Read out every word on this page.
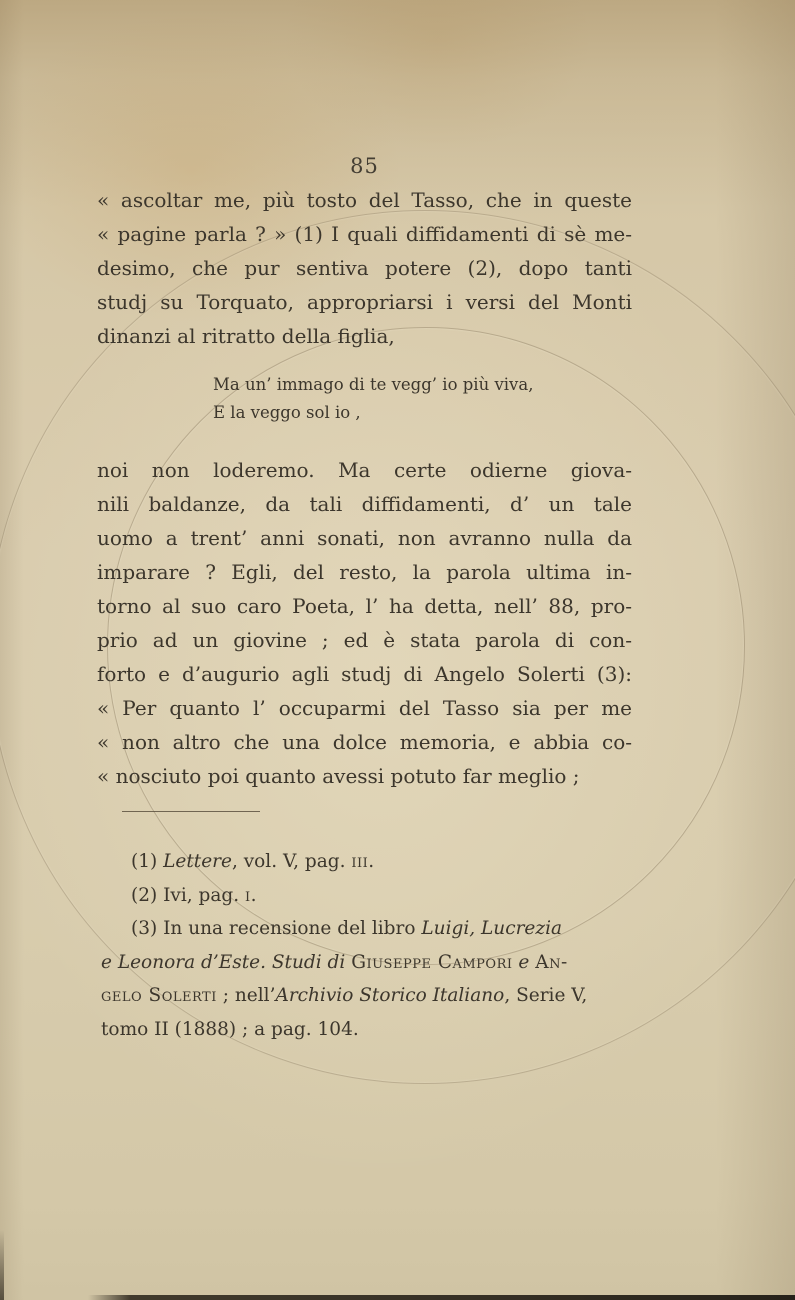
85
« ascoltar me, più tosto del Tasso, che in queste
« pagine parla ? » (1) I quali diffidamenti di sè me-
desimo, che pur sentiva potere (2), dopo tanti
studj su Torquato, appropriarsi i versi del Monti
dinanzi al ritratto della figlia,
Ma un’ immago di te vegg’ io più viva,
E la veggo sol io ,
noi non loderemo. Ma certe odierne giova-
nili baldanze, da tali diffidamenti, d’ un tale
uomo a trent’ anni sonati, non avranno nulla da
imparare ? Egli, del resto, la parola ultima in-
torno al suo caro Poeta, l’ ha detta, nell’ 88, pro-
prio ad un giovine ; ed è stata parola di con-
forto e d’augurio agli studj di Angelo Solerti (3):
« Per quanto l’ occuparmi del Tasso sia per me
« non altro che una dolce memoria, e abbia co-
« nosciuto poi quanto avessi potuto far meglio ;
(1) Lettere, vol. V, pag. iii.
(2) Ivi, pag. i.
(3) In una recensione del libro Luigi, Lucrezia
e Leonora d’Este. Studi di Giuseppe Campori e An-
gelo Solerti ; nell’Archivio Storico Italiano, Serie V,
tomo II (1888) ; a pag. 104.
